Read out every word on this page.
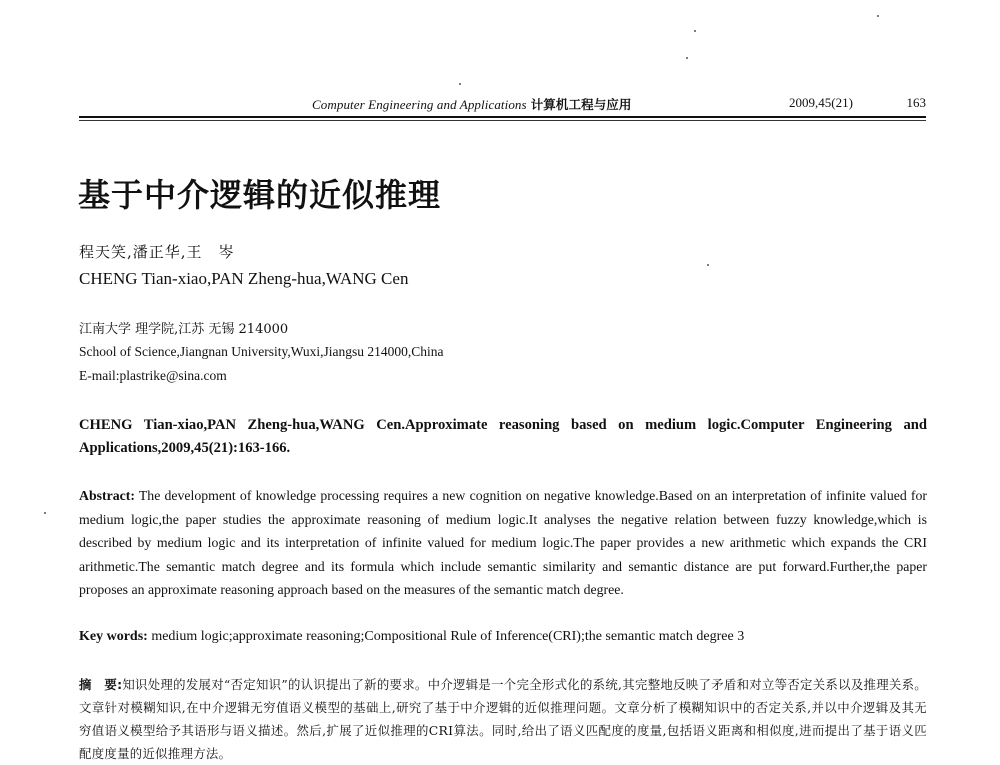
Computer Engineering and Applications 计算机工程与应用	2009,45(21)	163
基于中介逻辑的近似推理
程天笑,潘正华,王　岑
CHENG Tian-xiao,PAN Zheng-hua,WANG Cen
江南大学 理学院,江苏 无锡 214000
School of Science,Jiangnan University,Wuxi,Jiangsu 214000,China
E-mail:plastrike@sina.com
CHENG Tian-xiao,PAN Zheng-hua,WANG Cen.Approximate reasoning based on medium logic.Computer Engineering and Applications,2009,45(21):163-166.
Abstract: The development of knowledge processing requires a new cognition on negative knowledge.Based on an interpretation of infinite valued for medium logic,the paper studies the approximate reasoning of medium logic.It analyses the negative relation between fuzzy knowledge,which is described by medium logic and its interpretation of infinite valued for medium logic.The paper provides a new arithmetic which expands the CRI arithmetic.The semantic match degree and its formula which include semantic similarity and semantic distance are put forward.Further,the paper proposes an approximate reasoning approach based on the measures of the semantic match degree.
Key words: medium logic;approximate reasoning;Compositional Rule of Inference(CRI);the semantic match degree 3
摘　要:知识处理的发展对“否定知识”的认识提出了新的要求。中介逻辑是一个完全形式化的系统,其完整地反映了矛盾和对立等否定关系以及推理关系。文章针对模糊知识,在中介逻辑无穷值语义模型的基础上,研究了基于中介逻辑的近似推理问题。文章分析了模糊知识中的否定关系,并以中介逻辑及其无穷值语义模型给予其语形与语义描述。然后,扩展了近似推理的CRI算法。同时,给出了语义匹配度的度量,包括语义距离和相似度,进而提出了基于语义匹配度度量的近似推理方法。
